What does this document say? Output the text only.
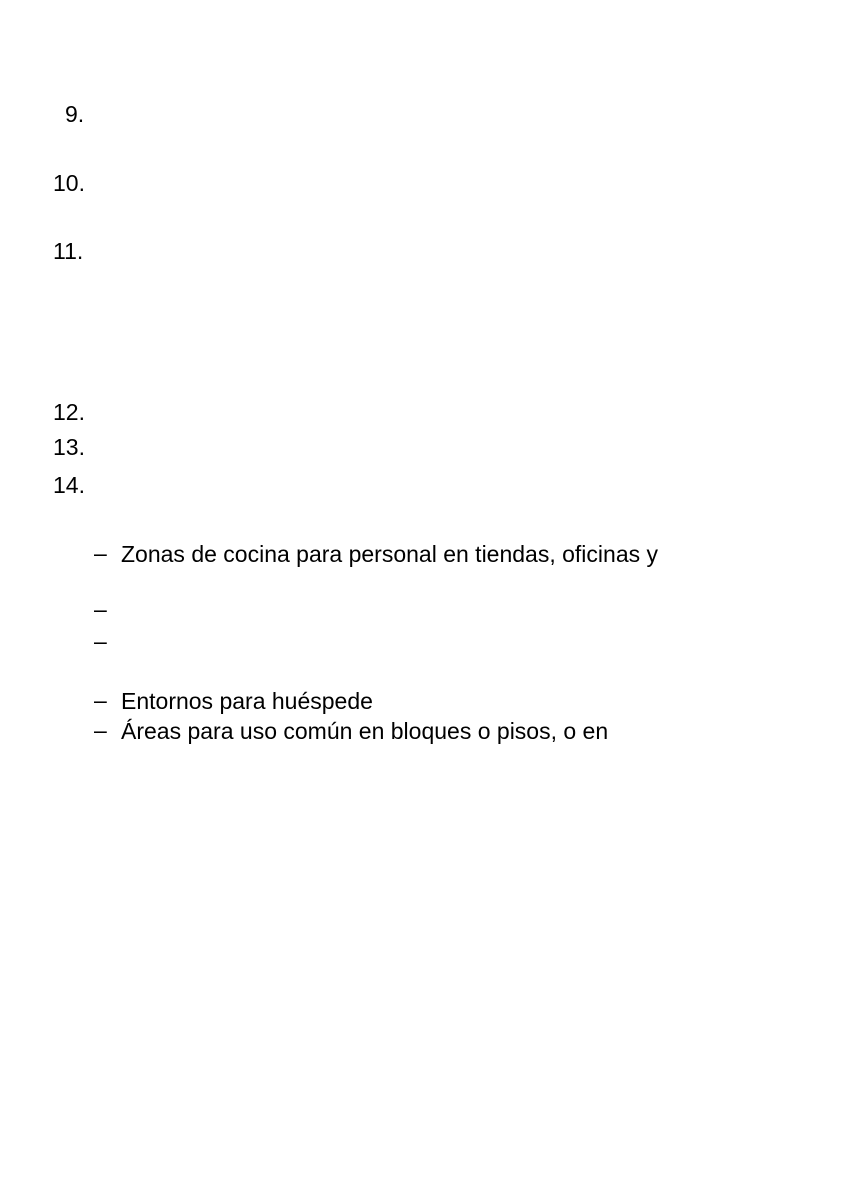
9.
10.
11.
12.
13.
14.
– Zonas de cocina para personal en tiendas, oficinas y
–
–
– Entornos para huéspede
– Áreas para uso común en bloques o pisos, o en
